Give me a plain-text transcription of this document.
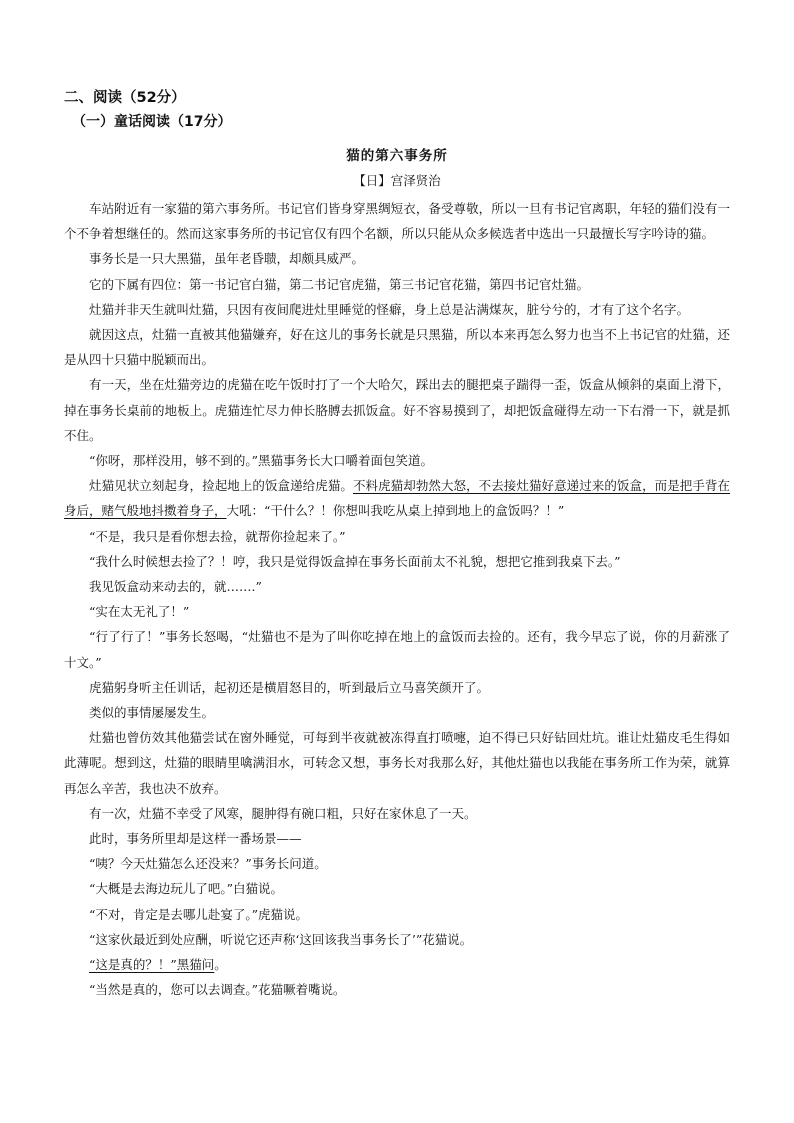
二、阅读（52分）
（一）童话阅读（17分）
猫的第六事务所
【日】宫泽贤治

车站附近有一家猫的第六事务所。书记官们皆身穿黑绸短衣，备受尊敬，所以一旦有书记官离职，年轻的猫们没有一个不争着想继任的。然而这家事务所的书记官仅有四个名额，所以只能从众多候选者中选出一只最擅长写字吟诗的猫。

事务长是一只大黑猫，虽年老昏聩，却颇具威严。

它的下属有四位：第一书记官白猫，第二书记官虎猫，第三书记官花猫，第四书记官灶猫。

灶猫并非天生就叫灶猫，只因有夜间爬进灶里睡觉的怪癖，身上总是沾满煤灰，脏兮兮的，才有了这个名字。

就因这点，灶猫一直被其他猫嫌弃，好在这儿的事务长就是只黑猫，所以本来再怎么努力也当不上书记官的灶猫，还是从四十只猫中脱颖而出。

有一天，坐在灶猫旁边的虎猫在吃午饭时打了一个大哈欠，踩出去的腿把桌子踹得一歪，饭盒从倾斜的桌面上滑下，掉在事务长桌前的地板上。虎猫连忙尽力伸长胳膊去抓饭盒。好不容易摸到了，却把饭盒碰得左动一下右滑一下，就是抓不住。

“你呀，那样没用，够不到的。”黑猫事务长大口嚼着面包笑道。

灶猫见状立刻起身，捡起地上的饭盒递给虎猫。不料虎猫却勃然大怒，不去接灶猫好意递过来的饭盒，而是把手背在身后，赌气般地抖擞着身子，大吼：“干什么？！你想叫我吃从桌上掉到地上的盒饭吗？！”

“不是，我只是看你想去捡，就帮你捡起来了。”

“我什么时候想去捡了？！哼，我只是觉得饭盒掉在事务长面前太不礼貌，想把它推到我桌下去。”

我见饭盒动来动去的，就…….”

“实在太无礼了！”

“行了行了！”事务长怒喝，“灶猫也不是为了叫你吃掉在地上的盒饭而去捡的。还有，我今早忘了说，你的月薪涨了十文。”

虎猫躬身听主任训话，起初还是横眉怒目的，听到最后立马喜笑颜开了。

类似的事情屡屡发生。

灶猫也曾仿效其他猫尝试在窗外睡觉，可每到半夜就被冻得直打喷嚏，迫不得已只好钻回灶坑。谁让灶猫皮毛生得如此薄呢。想到这，灶猫的眼睛里噙满泪水，可转念又想，事务长对我那么好，其他灶猫也以我能在事务所工作为荣，就算再怎么辛苦，我也决不放弃。

有一次，灶猫不幸受了风寒，腿肿得有碗口粗，只好在家休息了一天。

此时，事务所里却是这样一番场景——

“咦？今天灶猫怎么还没来？”事务长问道。

“大概是去海边玩儿了吧。”白猫说。

“不对，肯定是去哪儿赴宴了。”虎猫说。

“这家伙最近到处应酬，听说它还声称‘这回该我当事务长了’”花猫说。

“这是真的？！”黑猫问。

“当然是真的，您可以去调查。”花猫噘着嘴说。
